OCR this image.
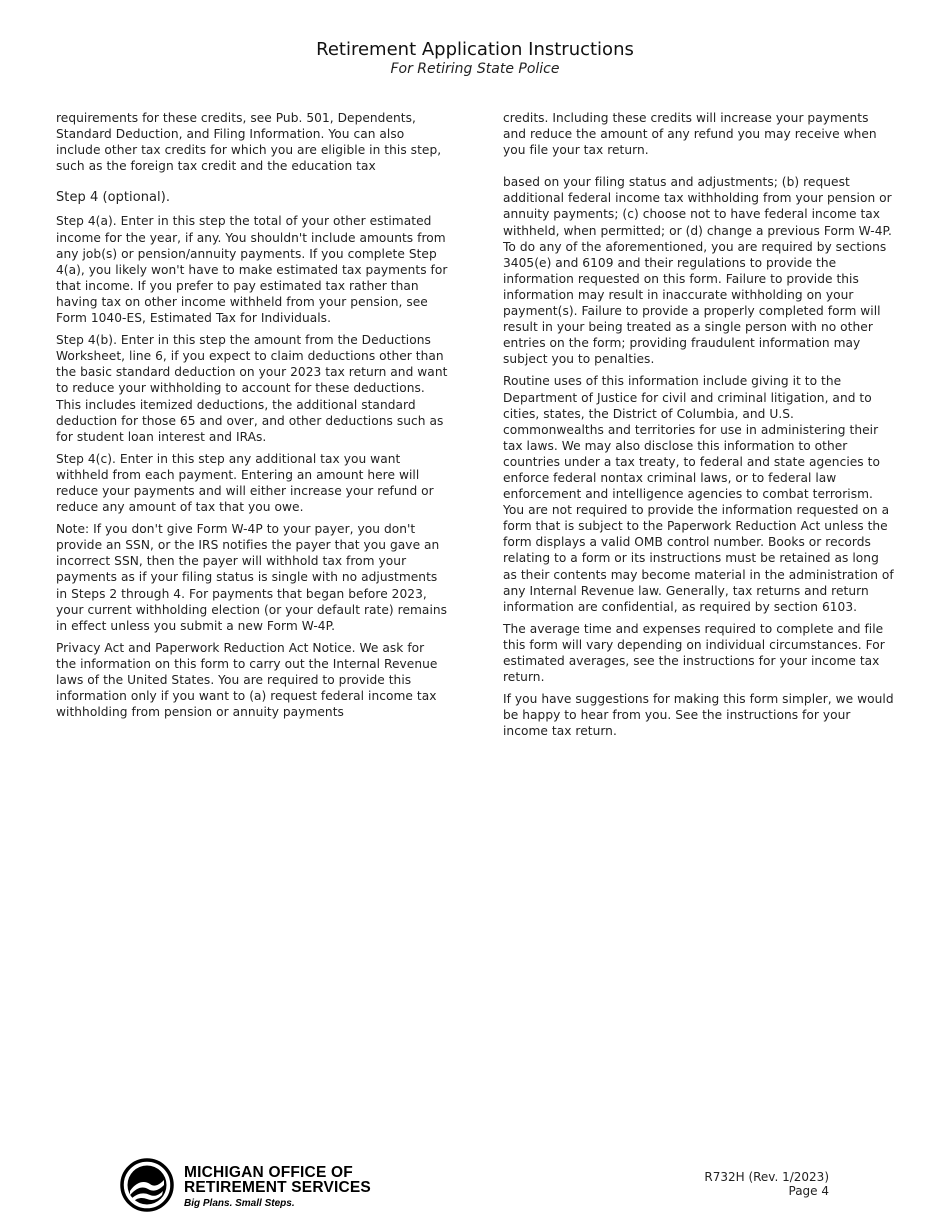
Retirement Application Instructions
For Retiring State Police

requirements for these credits, see Pub. 501, Dependents, Standard Deduction, and Filing Information. You can also include other tax credits for which you are eligible in this step, such as the foreign tax credit and the education tax

Step 4 (optional).

Step 4(a). Enter in this step the total of your other estimated income for the year, if any. You shouldn't include amounts from any job(s) or pension/annuity payments. If you complete Step 4(a), you likely won't have to make estimated tax payments for that income. If you prefer to pay estimated tax rather than having tax on other income withheld from your pension, see Form 1040-ES, Estimated Tax for Individuals.

Step 4(b). Enter in this step the amount from the Deductions Worksheet, line 6, if you expect to claim deductions other than the basic standard deduction on your 2023 tax return and want to reduce your withholding to account for these deductions. This includes itemized deductions, the additional standard deduction for those 65 and over, and other deductions such as for student loan interest and IRAs.

Step 4(c). Enter in this step any additional tax you want withheld from each payment. Entering an amount here will reduce your payments and will either increase your refund or reduce any amount of tax that you owe.

Note: If you don't give Form W-4P to your payer, you don't provide an SSN, or the IRS notifies the payer that you gave an incorrect SSN, then the payer will withhold tax from your payments as if your filing status is single with no adjustments in Steps 2 through 4. For payments that began before 2023, your current withholding election (or your default rate) remains in effect unless you submit a new Form W-4P.

Privacy Act and Paperwork Reduction Act Notice. We ask for the information on this form to carry out the Internal Revenue laws of the United States. You are required to provide this information only if you want to (a) request federal income tax withholding from pension or annuity payments

credits. Including these credits will increase your payments and reduce the amount of any refund you may receive when you file your tax return.

based on your filing status and adjustments; (b) request additional federal income tax withholding from your pension or annuity payments; (c) choose not to have federal income tax withheld, when permitted; or (d) change a previous Form W-4P. To do any of the aforementioned, you are required by sections 3405(e) and 6109 and their regulations to provide the information requested on this form. Failure to provide this information may result in inaccurate withholding on your payment(s). Failure to provide a properly completed form will result in your being treated as a single person with no other entries on the form; providing fraudulent information may subject you to penalties.

Routine uses of this information include giving it to the Department of Justice for civil and criminal litigation, and to cities, states, the District of Columbia, and U.S. commonwealths and territories for use in administering their tax laws. We may also disclose this information to other countries under a tax treaty, to federal and state agencies to enforce federal nontax criminal laws, or to federal law enforcement and intelligence agencies to combat terrorism. You are not required to provide the information requested on a form that is subject to the Paperwork Reduction Act unless the form displays a valid OMB control number. Books or records relating to a form or its instructions must be retained as long as their contents may become material in the administration of any Internal Revenue law. Generally, tax returns and return information are confidential, as required by section 6103.

The average time and expenses required to complete and file this form will vary depending on individual circumstances. For estimated averages, see the instructions for your income tax return.

If you have suggestions for making this form simpler, we would be happy to hear from you. See the instructions for your income tax return.

MICHIGAN OFFICE OF
RETIREMENT SERVICES
Big Plans. Small Steps.
R732H (Rev. 1/2023)
Page 4
